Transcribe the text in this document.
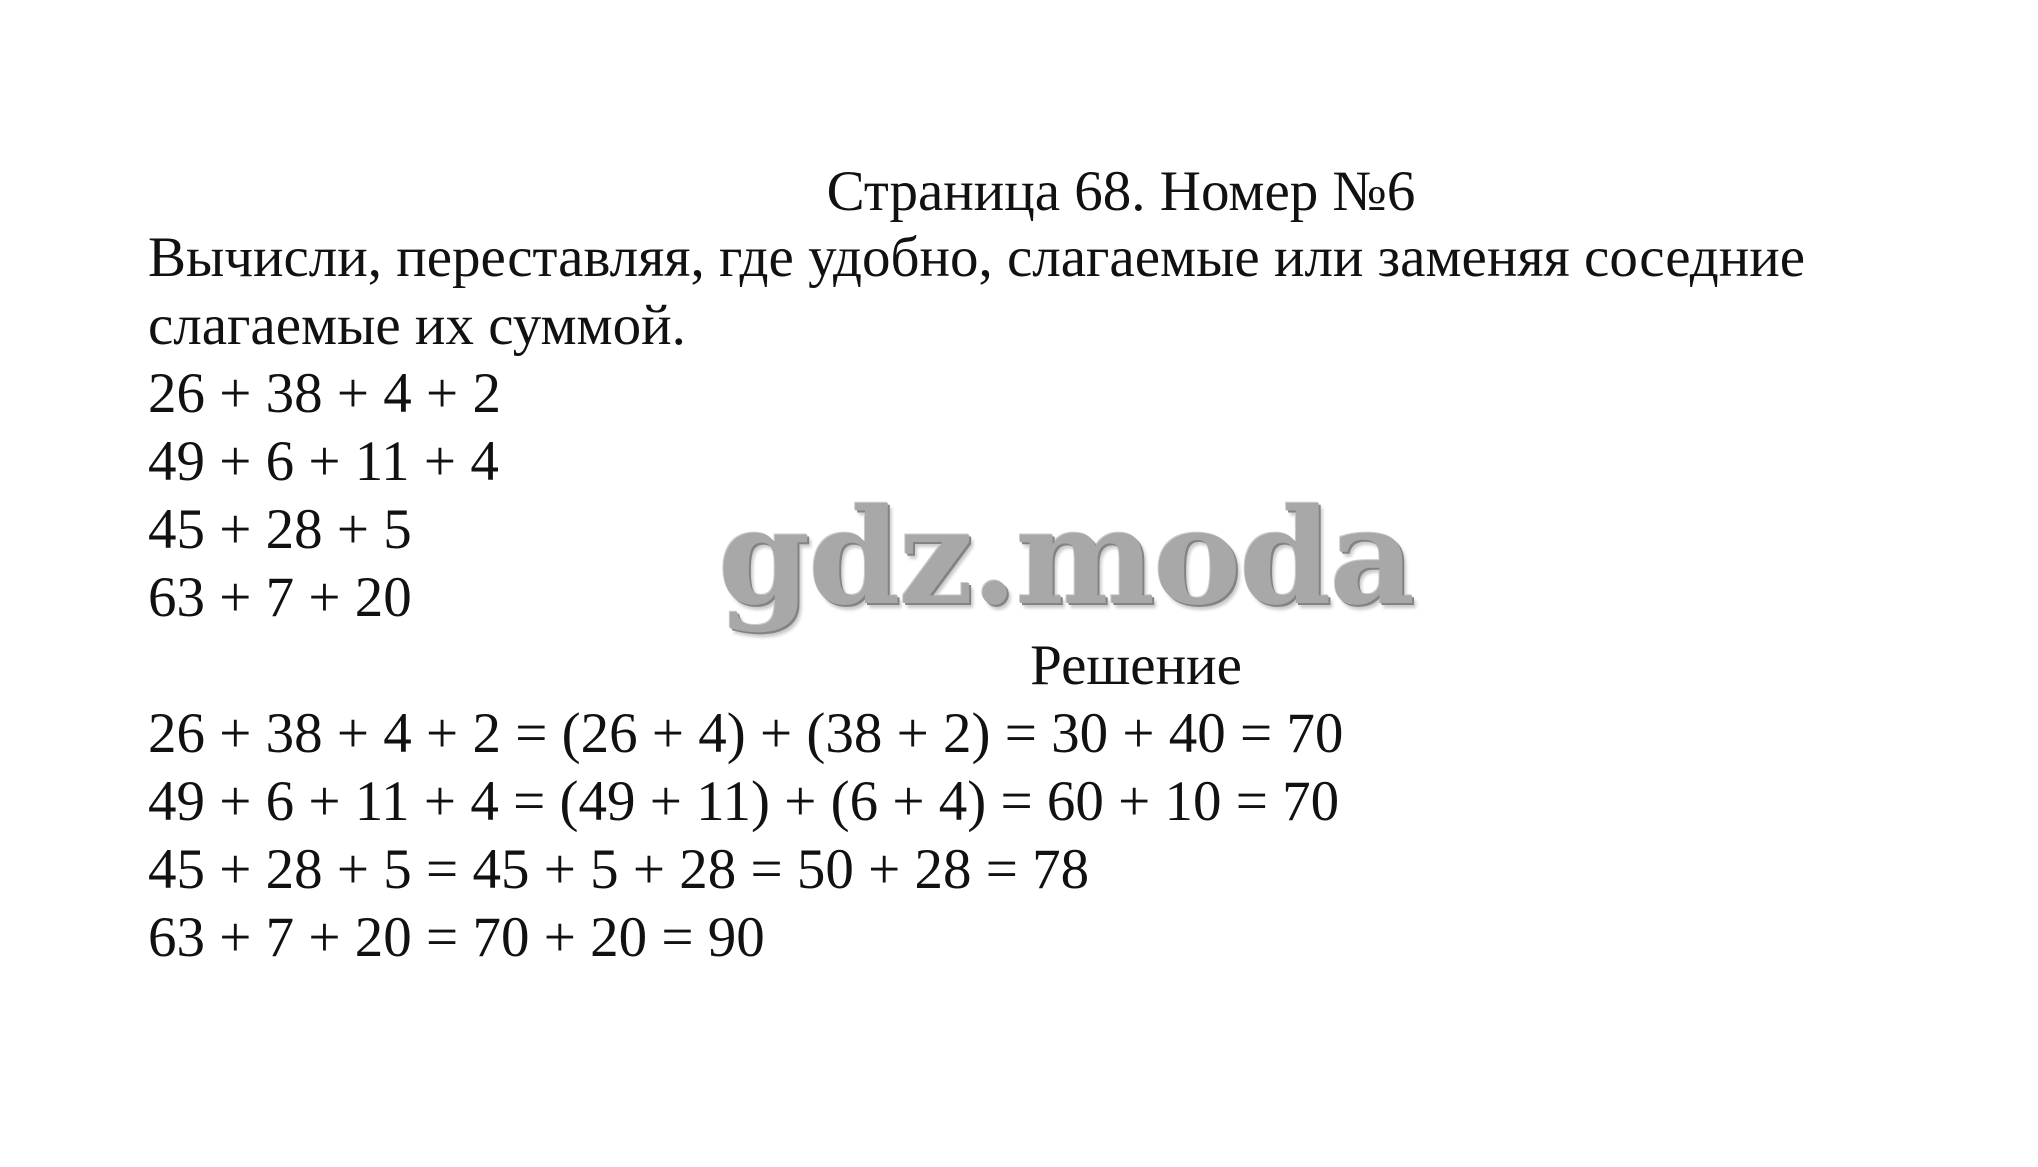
Страница 68. Номер №6
Вычисли, переставляя, где удобно, слагаемые или заменяя соседние
слагаемые их суммой.
26 + 38 + 4 + 2
49 + 6 + 11 + 4
45 + 28 + 5
63 + 7 + 20 gdz.moda
Решение
26 + 38 + 4 + 2 = (26 + 4) + (38 + 2) = 30 + 40 = 70
49 + 6 + 11 + 4 = (49 + 11) + (6 + 4) = 60 + 10 = 70
45 + 28 + 5 = 45 + 5 + 28 = 50 + 28 = 78
63 + 7 + 20 = 70 + 20 = 90
